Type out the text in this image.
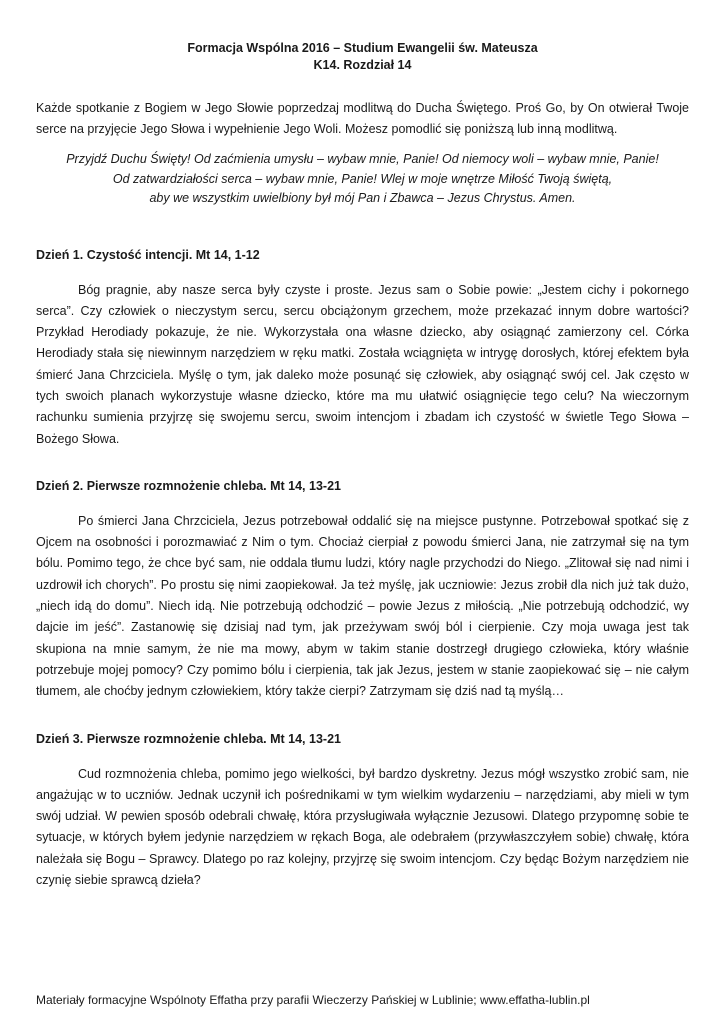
Formacja Wspólna 2016 – Studium Ewangelii św. Mateusza
K14. Rozdział 14

Każde spotkanie z Bogiem w Jego Słowie poprzedzaj modlitwą do Ducha Świętego. Proś Go, by On otwierał Twoje serce na przyjęcie Jego Słowa i wypełnienie Jego Woli. Możesz pomodlić się poniższą lub inną modlitwą.

Przyjdź Duchu Święty! Od zaćmienia umysłu – wybaw mnie, Panie! Od niemocy woli – wybaw mnie, Panie!
Od zatwardziałości serca – wybaw mnie, Panie! Wlej w moje wnętrze Miłość Twoją świętą,
aby we wszystkim uwielbiony był mój Pan i Zbawca – Jezus Chrystus. Amen.
Dzień 1. Czystość intencji. Mt 14, 1-12
Bóg pragnie, aby nasze serca były czyste i proste. Jezus sam o Sobie powie: „Jestem cichy i pokornego serca”. Czy człowiek o nieczystym sercu, sercu obciążonym grzechem, może przekazać innym dobre wartości? Przykład Herodiady pokazuje, że nie. Wykorzystała ona własne dziecko, aby osiągnąć zamierzony cel. Córka Herodiady stała się niewinnym narzędziem w ręku matki. Została wciągnięta w intrygę dorosłych, której efektem była śmierć Jana Chrzciciela. Myślę o tym, jak daleko może posunąć się człowiek, aby osiągnąć swój cel. Jak często w tych swoich planach wykorzystuje własne dziecko, które ma mu ułatwić osiągnięcie tego celu? Na wieczornym rachunku sumienia przyjrzę się swojemu sercu, swoim intencjom i zbadam ich czystość w świetle Tego Słowa – Bożego Słowa.
Dzień 2. Pierwsze rozmnożenie chleba. Mt 14, 13-21
Po śmierci Jana Chrzciciela, Jezus potrzebował oddalić się na miejsce pustynne. Potrzebował spotkać się z Ojcem na osobności i porozmawiać z Nim o tym. Chociaż cierpiał z powodu śmierci Jana, nie zatrzymał się na tym bólu. Pomimo tego, że chce być sam, nie oddala tłumu ludzi, który nagle przychodzi do Niego. „Zlitował się nad nimi i uzdrowił ich chorych”. Po prostu się nimi zaopiekował. Ja też myślę, jak uczniowie: Jezus zrobił dla nich już tak dużo, „niech idą do domu”. Niech idą. Nie potrzebują odchodzić – powie Jezus z miłością. „Nie potrzebują odchodzić, wy dajcie im jeść”. Zastanowię się dzisiaj nad tym, jak przeżywam swój ból i cierpienie. Czy moja uwaga jest tak skupiona na mnie samym, że nie ma mowy, abym w takim stanie dostrzegł drugiego człowieka, który właśnie potrzebuje mojej pomocy? Czy pomimo bólu i cierpienia, tak jak Jezus, jestem w stanie zaopiekować się – nie całym tłumem, ale choćby jednym człowiekiem, który także cierpi? Zatrzymam się dziś nad tą myślą…
Dzień 3. Pierwsze rozmnożenie chleba. Mt 14, 13-21
Cud rozmnożenia chleba, pomimo jego wielkości, był bardzo dyskretny. Jezus mógł wszystko zrobić sam, nie angażując w to uczniów. Jednak uczynił ich pośrednikami w tym wielkim wydarzeniu – narzędziami, aby mieli w tym swój udział. W pewien sposób odebrali chwałę, która przysługiwała wyłącznie Jezusowi. Dlatego przypomnę sobie te sytuacje, w których byłem jedynie narzędziem w rękach Boga, ale odebrałem (przywłaszczyłem sobie) chwałę, która należała się Bogu – Sprawcy. Dlatego po raz kolejny, przyjrzę się swoim intencjom. Czy będąc Bożym narzędziem nie czynię siebie sprawcą dzieła?
Materiały formacyjne Wspólnoty Effatha przy parafii Wieczerzy Pańskiej w Lublinie; www.effatha-lublin.pl
